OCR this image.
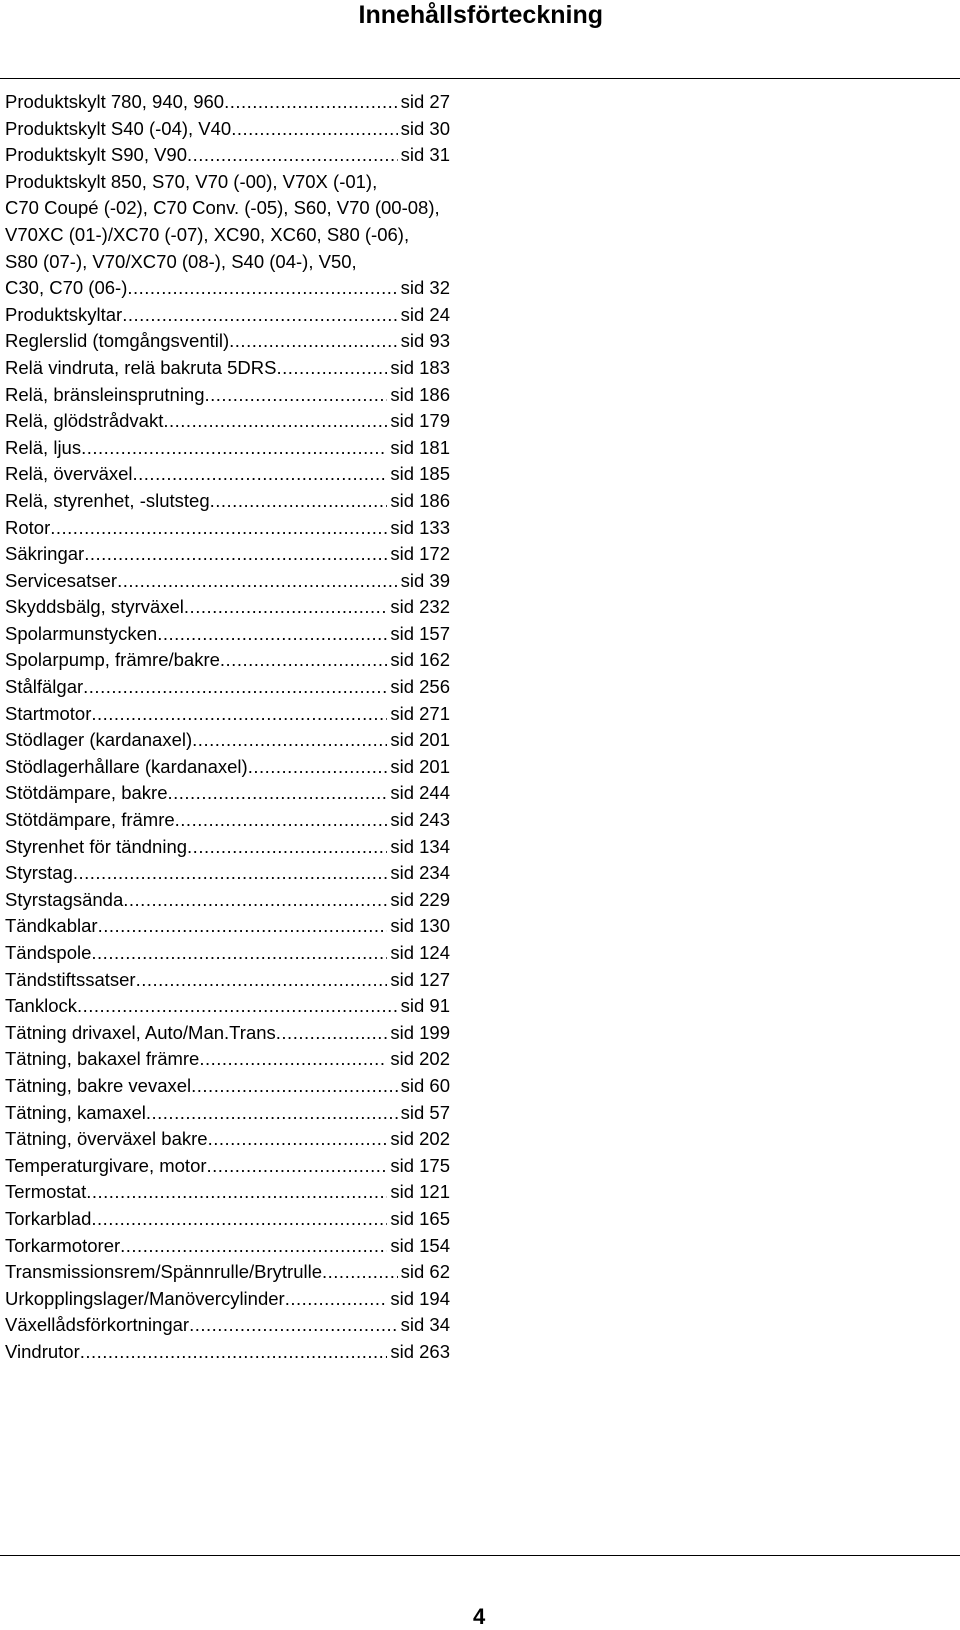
Innehållsförteckning
Produktskylt 780, 940, 960 .....	sid 27
Produktskylt S40 (-04), V40 .....	sid 30
Produktskylt S90, V90 .....	sid 31
Produktskylt 850, S70, V70 (-00), V70X (-01),
C70 Coupé (-02), C70 Conv. (-05), S60, V70 (00-08),
V70XC (01-)/XC70 (-07), XC90, XC60, S80 (-06),
S80 (07-), V70/XC70 (08-), S40 (04-), V50,
C30, C70 (06-) .....	sid 32
Produktskyltar .....	sid 24
Reglerslid (tomgångsventil) .....	sid 93
Relä vindruta, relä bakruta 5DRS .....	sid 183
Relä, bränsleinsprutning .....	sid 186
Relä, glödstrådvakt .....	sid 179
Relä, ljus .....	sid 181
Relä, överväxel .....	sid 185
Relä, styrenhet, -slutsteg .....	sid 186
Rotor .....	sid 133
Säkringar .....	sid 172
Servicesatser .....	sid 39
Skyddsbälg, styrväxel .....	sid 232
Spolarmunstycken .....	sid 157
Spolarpump, främre/bakre .....	sid 162
Stålfälgar .....	sid 256
Startmotor .....	sid 271
Stödlager (kardanaxel) .....	sid 201
Stödlagerhållare (kardanaxel) .....	sid 201
Stötdämpare, bakre .....	sid 244
Stötdämpare, främre .....	sid 243
Styrenhet för tändning .....	sid 134
Styrstag .....	sid 234
Styrstagsända .....	sid 229
Tändkablar .....	sid 130
Tändspole .....	sid 124
Tändstiftssatser .....	sid 127
Tanklock .....	sid 91
Tätning drivaxel, Auto/Man.Trans .....	sid 199
Tätning, bakaxel främre .....	sid 202
Tätning, bakre vevaxel .....	sid 60
Tätning, kamaxel .....	sid 57
Tätning, överväxel bakre .....	sid 202
Temperaturgivare, motor .....	sid 175
Termostat .....	sid 121
Torkarblad .....	sid 165
Torkarmotorer .....	sid 154
Transmissionsrem/Spännrulle/Brytrulle .....	sid 62
Urkopplingslager/Manövercylinder .....	sid 194
Växellådsförkortningar .....	sid 34
Vindrutor .....	sid 263
4
